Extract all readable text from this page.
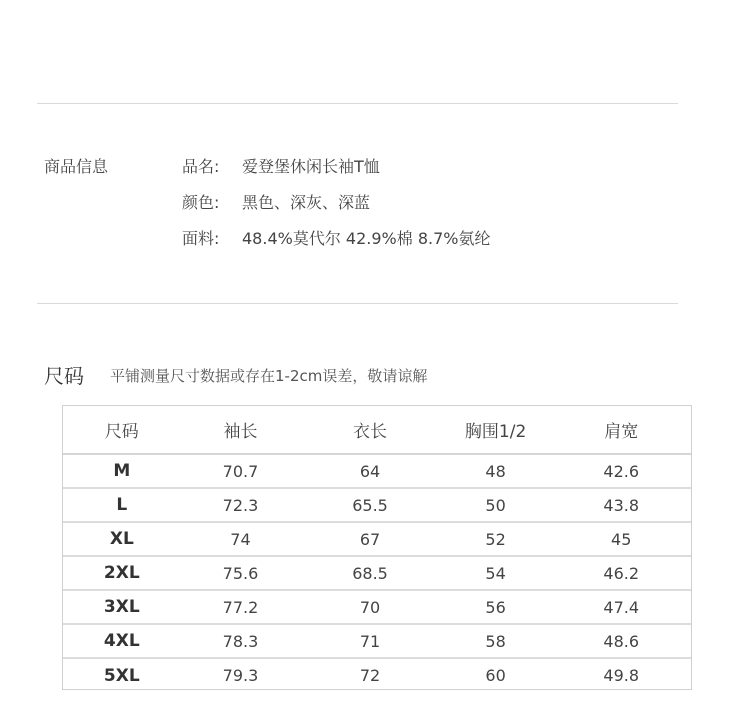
商品信息	品名:	爱登堡休闲长袖T恤
颜色:	黑色、深灰、深蓝
面料:	48.4%莫代尔 42.9%棉 8.7%氨纶
尺码 平铺测量尺寸数据或存在1-2cm误差，敬请谅解
尺码	袖长	衣长	胸围1/2	肩宽
M	70.7	64	48	42.6
L	72.3	65.5	50	43.8
XL	74	67	52	45
2XL	75.6	68.5	54	46.2
3XL	77.2	70	56	47.4
4XL	78.3	71	58	48.6
5XL	79.3	72	60	49.8
